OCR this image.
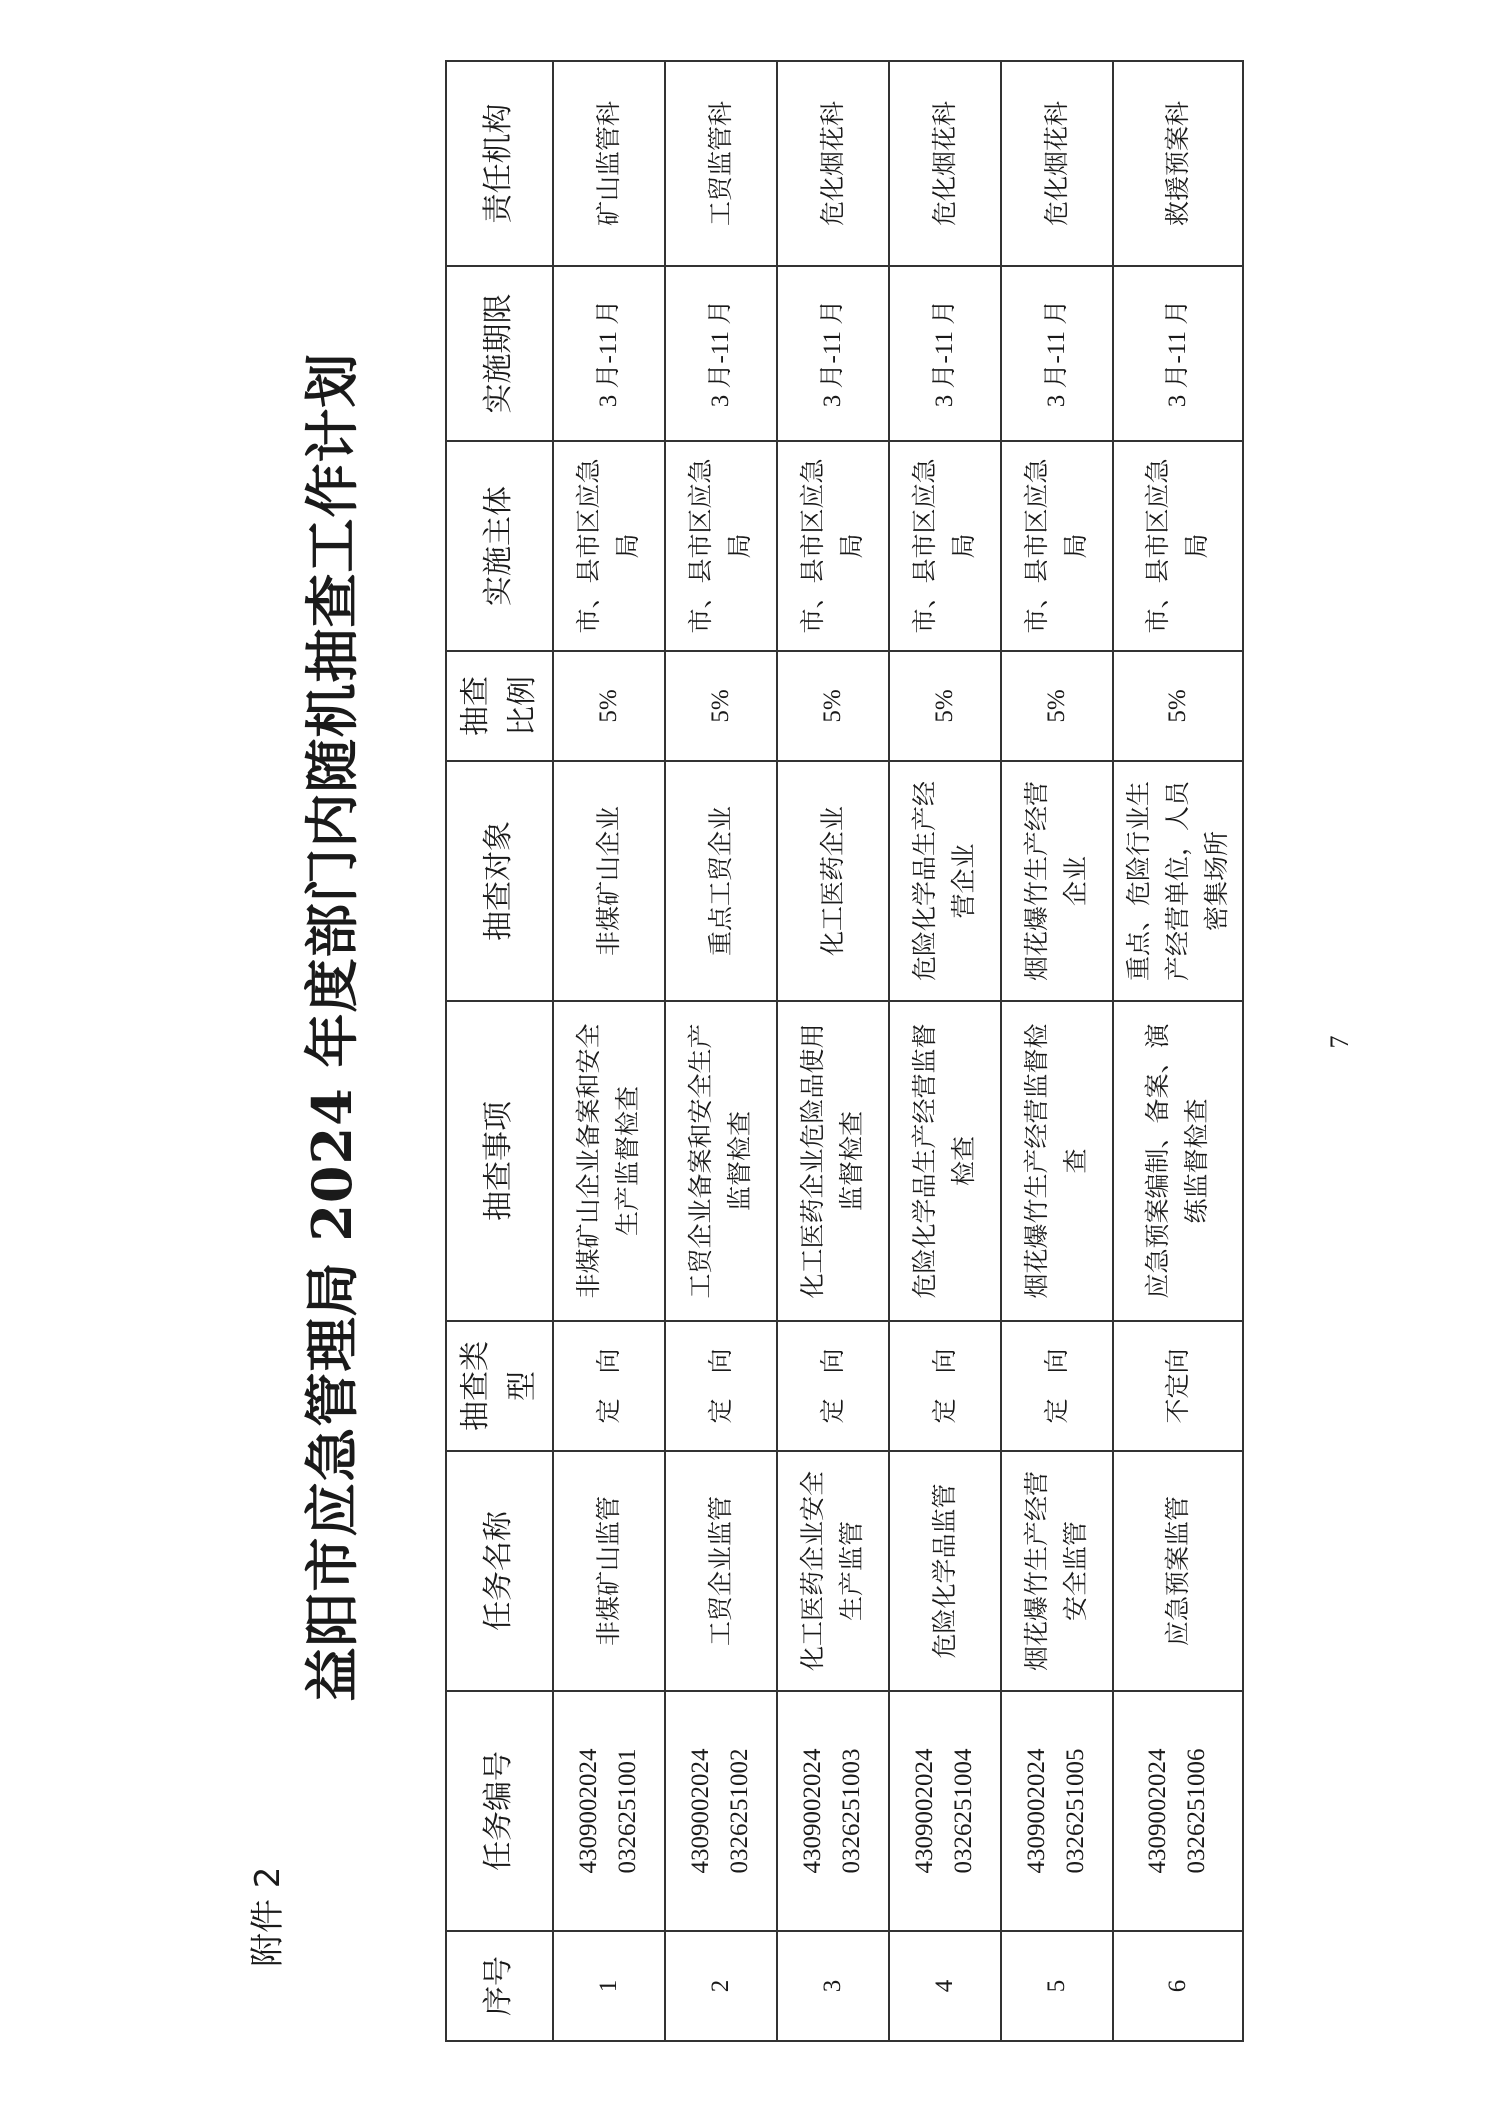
附件 2
益阳市应急管理局 2024 年度部门内随机抽查工作计划
序号	任务编号	任务名称	抽查类型	抽查事项	抽查对象	抽查比例	实施主体	实施期限	责任机构
1	4309002024 0326251001	非煤矿山监管	定　向	非煤矿山企业备案和安全生产监督检查	非煤矿山企业	5%	市、县市区应急局	3 月-11 月	矿山监管科
2	4309002024 0326251002	工贸企业监管	定　向	工贸企业备案和安全生产监督检查	重点工贸企业	5%	市、县市区应急局	3 月-11 月	工贸监管科
3	4309002024 0326251003	化工医药企业安全生产监管	定　向	化工医药企业危险品使用监督检查	化工医药企业	5%	市、县市区应急局	3 月-11 月	危化烟花科
4	4309002024 0326251004	危险化学品监管	定　向	危险化学品生产经营监督检查	危险化学品生产经营企业	5%	市、县市区应急局	3 月-11 月	危化烟花科
5	4309002024 0326251005	烟花爆竹生产经营安全监管	定　向	烟花爆竹生产经营监督检查	烟花爆竹生产经营企业	5%	市、县市区应急局	3 月-11 月	危化烟花科
6	4309002024 0326251006	应急预案监管	不定向	应急预案编制、备案、演练监督检查	重点、危险行业生产经营单位，人员密集场所	5%	市、县市区应急局	3 月-11 月	救援预案科
7
